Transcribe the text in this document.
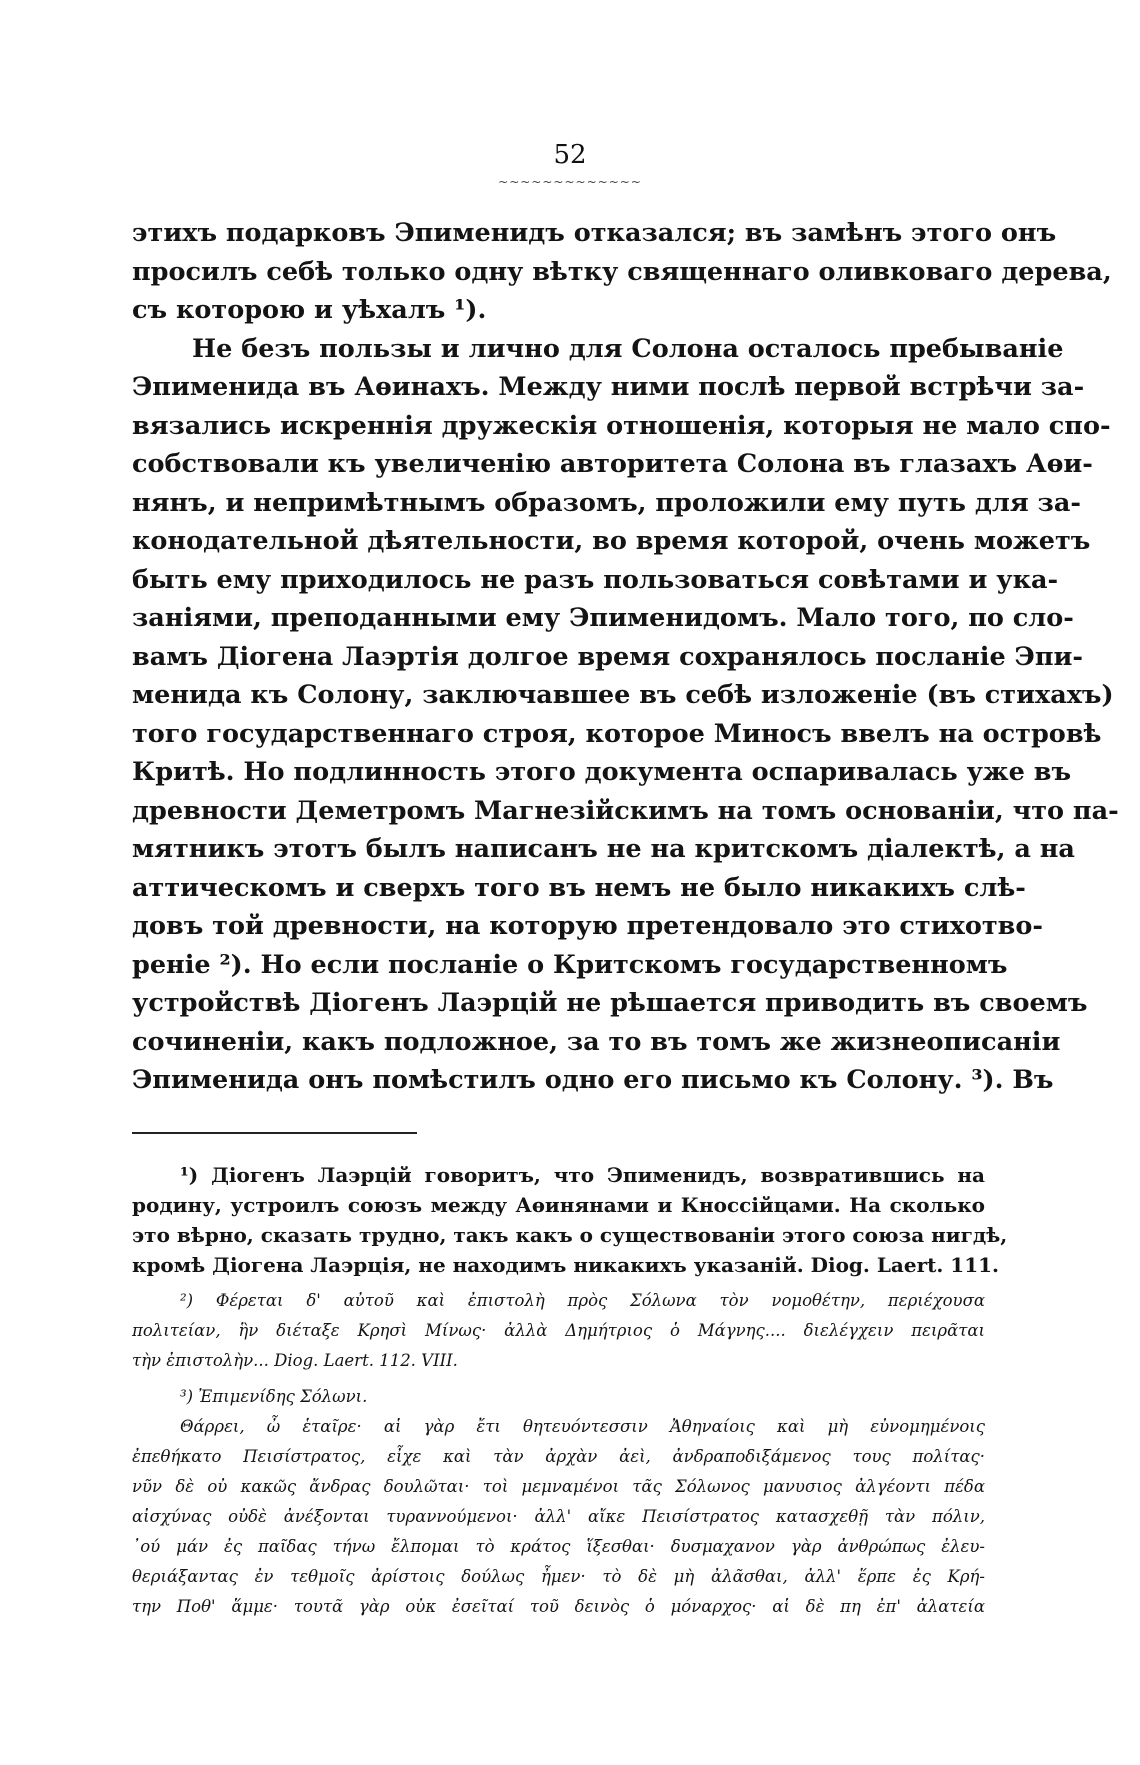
52
~~~~~~~~~~~~~
этихъ подарковъ Эпименидъ отказался; въ замѣнъ этого онъ
просилъ себѣ только одну вѣтку священнаго оливковаго дерева,
съ которою и уѣхалъ ¹).
Не безъ пользы и лично для Солона осталось пребываніе
Эпименида въ Аѳинахъ. Между ними послѣ первой встрѣчи за-
вязались искреннія дружескія отношенія, которыя не мало спо-
собствовали къ увеличенію авторитета Солона въ глазахъ Аѳи-
нянъ, и непримѣтнымъ образомъ, проложили ему путь для за-
конодательной дѣятельности, во время которой, очень можетъ
быть ему приходилось не разъ пользоваться совѣтами и ука-
заніями, преподанными ему Эпименидомъ. Мало того, по сло-
вамъ Діогена Лаэртія долгое время сохранялось посланіе Эпи-
менида къ Солону, заключавшее въ себѣ изложеніе (въ стихахъ)
того государственнаго строя, которое Миносъ ввелъ на островѣ
Критѣ. Но подлинность этого документа оспаривалась уже въ
древности Деметромъ Магнезійскимъ на томъ основаніи, что па-
мятникъ этотъ былъ написанъ не на критскомъ діалектѣ, а на
аттическомъ и сверхъ того въ немъ не было никакихъ слѣ-
довъ той древности, на которую претендовало это стихотво-
реніе ²). Но если посланіе о Критскомъ государственномъ
устройствѣ Діогенъ Лаэрцій не рѣшается приводить въ своемъ
сочиненіи, какъ подложное, за то въ томъ же жизнеописаніи
Эпименида онъ помѣстилъ одно его письмо къ Солону. ³). Въ
¹) Діогенъ Лаэрцій говоритъ, что Эпименидъ, возвратившись на
родину, устроилъ союзъ между Аѳинянами и Кноссійцами. На сколько
это вѣрно, сказать трудно, такъ какъ о существованіи этого союза нигдѣ,
кромѣ Діогена Лаэрція, не находимъ никакихъ указаній. Diog. Laert. 111.
²) Φέρεται δ' αὐτοῦ καὶ ἐπιστολὴ πρὸς Σόλωνα τὸν νομοθέτην, περιέχουσα
πολιτείαν, ἣν διέταξε Κρησὶ Μίνως· ἀλλὰ Δημήτριος ὁ Μάγνης.... διελέγχειν πειρᾶται
τὴν ἐπιστολὴν... Diog. Laert. 112. VIII.
³) Ἐπιμενίδης Σόλωνι.
Θάρρει, ὦ ἑταῖρε· αἱ γὰρ ἔτι θητευόντεσσιν Ἀθηναίοις καὶ μὴ εὐνομημένοις
ἐπεθήκατο Πεισίστρατος, εἶχε καὶ τὰν ἀρχὰν ἀεὶ, ἀνδραποδιξάμενος τους πολίτας·
νῦν δὲ οὐ κακῶς ἄνδρας δουλῶται· τοὶ μεμναμένοι τᾶς Σόλωνος μανυσιος ἀλγέοντι πέδα
αἰσχύνας οὐδὲ ἀνέξονται τυραννούμενοι· ἀλλ' αἴκε Πεισίστρατος κατασχεθῇ τὰν πόλιν,
᾿ού μάν ἐς παῖδας τήνω ἔλπομαι τὸ κράτος ἵξεσθαι· δυσμαχανον γὰρ ἀνθρώπως ἐλευ-
θεριάξαντας ἐν τεθμοῖς ἀρίστοις δούλως ἦμεν· τὸ δὲ μὴ ἀλᾶσθαι, ἀλλ' ἕρπε ἐς Κρή-
την Ποθ' ἅμμε· τουτᾶ γὰρ οὐκ ἐσεῖταί τοῦ δεινὸς ὁ μόναρχος· αἱ δὲ πη ἐπ' ἀλατεία
